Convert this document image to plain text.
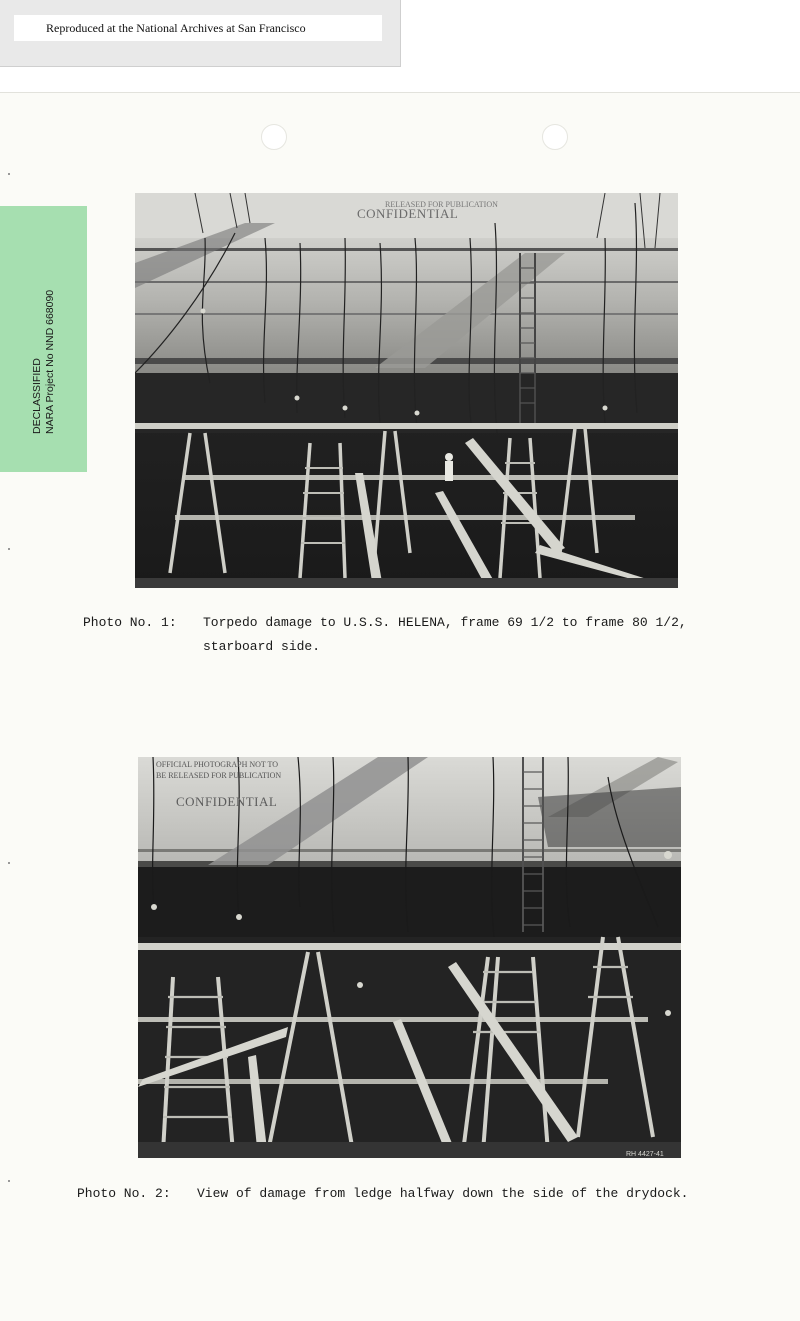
Reproduced at the National Archives at San Francisco
DECLASSIFIED NARA Project No NND 668090
RELEASED FOR PUBLICATION
CONFIDENTIAL
Photo No. 1: Torpedo damage to U.S.S. HELENA, frame 69 1/2 to frame 80 1/2,
starboard side.
RH 4427-41
OFFICIAL PHOTOGRAPH NOT TO
BE RELEASED FOR PUBLICATION
CONFIDENTIAL
Photo No. 2: View of damage from ledge halfway down the side of the drydock.
